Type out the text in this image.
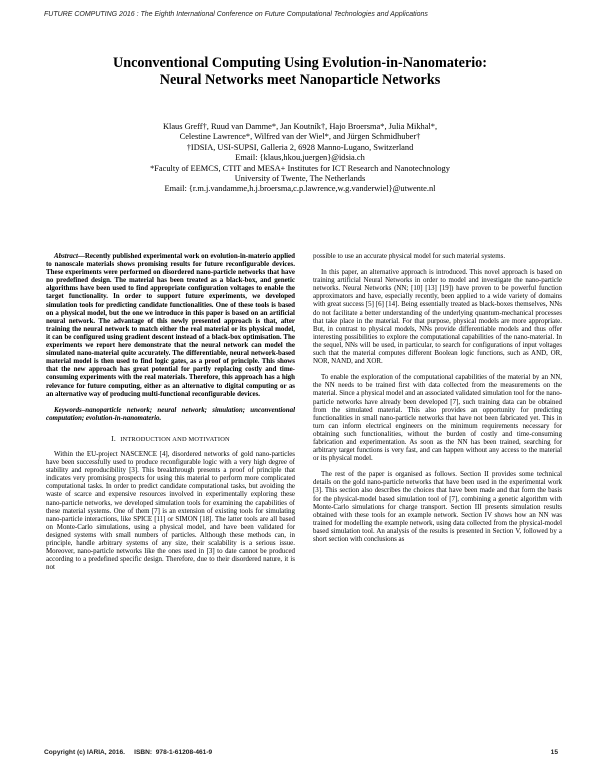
FUTURE COMPUTING 2016 : The Eighth International Conference on Future Computational Technologies and Applications
Unconventional Computing Using Evolution-in-Nanomaterio:
Neural Networks meet Nanoparticle Networks
Klaus Greff†, Ruud van Damme*, Jan Koutník†, Hajo Broersma*, Julia Mikhal*,
Celestine Lawrence*, Wilfred van der Wiel*, and Jürgen Schmidhuber†
†IDSIA, USI-SUPSI, Galleria 2, 6928 Manno-Lugano, Switzerland
Email: {klaus,hkou,juergen}@idsia.ch
*Faculty of EEMCS, CTIT and MESA+ Institutes for ICT Research and Nanotechnology
University of Twente, The Netherlands
Email: {r.m.j.vandamme,h.j.broersma,c.p.lawrence,w.g.vanderwiel}@utwente.nl

Abstract—Recently published experimental work on evolution-in-materio applied to nanoscale materials shows promising results for future reconfigurable devices. These experiments were performed on disordered nano-particle networks that have no predefined design. The material has been treated as a black-box, and genetic algorithms have been used to find appropriate configuration voltages to enable the target functionality. In order to support future experiments, we developed simulation tools for predicting candidate functionalities. One of these tools is based on a physical model, but the one we introduce in this paper is based on an artificial neural network. The advantage of this newly presented approach is that, after training the neural network to match either the real material or its physical model, it can be configured using gradient descent instead of a black-box optimisation. The experiments we report here demonstrate that the neural network can model the simulated nano-material quite accurately. The differentiable, neural network-based material model is then used to find logic gates, as a proof of principle. This shows that the new approach has great potential for partly replacing costly and time-consuming experiments with the real materials. Therefore, this approach has a high relevance for future computing, either as an alternative to digital computing or as an alternative way of producing multi-functional reconfigurable devices.

Keywords–nanoparticle network; neural network; simulation; unconventional computation; evolution-in-nanomaterio.

I. INTRODUCTION AND MOTIVATION

Within the EU-project NASCENCE [4], disordered networks of gold nano-particles have been successfully used to produce reconfigurable logic with a very high degree of stability and reproducibility [3]. This breakthrough presents a proof of principle that indicates very promising prospects for using this material to perform more complicated computational tasks. In order to predict candidate computational tasks, but avoiding the waste of scarce and expensive resources involved in experimentally exploring these nano-particle networks, we developed simulation tools for examining the capabilities of these material systems. One of them [7] is an extension of existing tools for simulating nano-particle interactions, like SPICE [11] or SIMON [18]. The latter tools are all based on Monte-Carlo simulations, using a physical model, and have been validated for designed systems with small numbers of particles. Although these methods can, in principle, handle arbitrary systems of any size, their scalability is a serious issue. Moreover, nano-particle networks like the ones used in [3] to date cannot be produced according to a predefined specific design. Therefore, due to their disordered nature, it is not

possible to use an accurate physical model for such material systems.

In this paper, an alternative approach is introduced. This novel approach is based on training artificial Neural Networks in order to model and investigate the nano-particle networks. Neural Networks (NN; [10] [13] [19]) have proven to be powerful function approximators and have, especially recently, been applied to a wide variety of domains with great success [5] [6] [14]. Being essentially treated as black-boxes themselves, NNs do not facilitate a better understanding of the underlying quantum-mechanical processes that take place in the material. For that purpose, physical models are more appropriate. But, in contrast to physical models, NNs provide differentiable models and thus offer interesting possibilities to explore the computational capabilities of the nano-material. In the sequel, NNs will be used, in particular, to search for configurations of input voltages such that the material computes different Boolean logic functions, such as AND, OR, NOR, NAND, and XOR.

To enable the exploration of the computational capabilities of the material by an NN, the NN needs to be trained first with data collected from the measurements on the material. Since a physical model and an associated validated simulation tool for the nano-particle networks have already been developed [7], such training data can be obtained from the simulated material. This also provides an opportunity for predicting functionalities in small nano-particle networks that have not been fabricated yet. This in turn can inform electrical engineers on the minimum requirements necessary for obtaining such functionalities, without the burden of costly and time-consuming fabrication and experimentation. As soon as the NN has been trained, searching for arbitrary target functions is very fast, and can happen without any access to the material or its physical model.

The rest of the paper is organised as follows. Section II provides some technical details on the gold nano-particle networks that have been used in the experimental work [3]. This section also describes the choices that have been made and that form the basis for the physical-model based simulation tool of [7], combining a genetic algorithm with Monte-Carlo simulations for charge transport. Section III presents simulation results obtained with these tools for an example network. Section IV shows how an NN was trained for modelling the example network, using data collected from the physical-model based simulation tool. An analysis of the results is presented in Section V, followed by a short section with conclusions as

Copyright (c) IARIA, 2016.     ISBN:  978-1-61208-461-9	15
